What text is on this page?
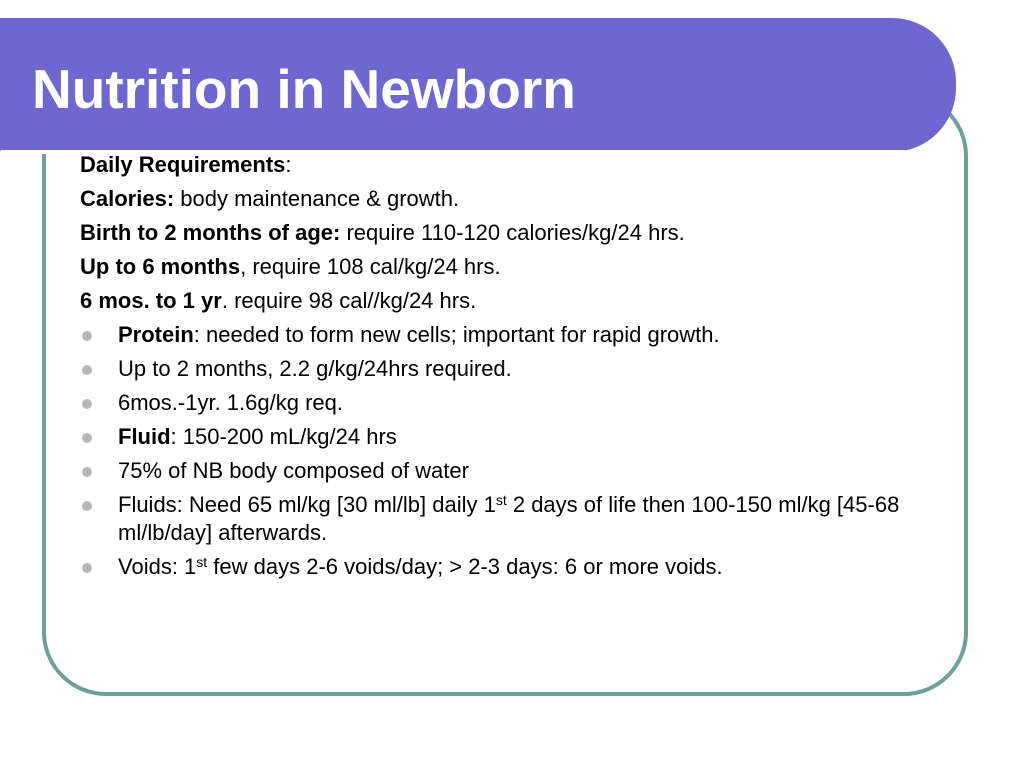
Nutrition in Newborn
Daily Requirements:
Calories: body maintenance & growth.
Birth to 2 months of age: require 110-120 calories/kg/24 hrs.
Up to 6 months, require 108 cal/kg/24 hrs.
6 mos. to 1 yr. require 98 cal//kg/24 hrs.
Protein: needed to form new cells; important for rapid growth.
Up to 2 months, 2.2 g/kg/24hrs required.
6mos.-1yr. 1.6g/kg req.
Fluid: 150-200 mL/kg/24 hrs
75% of NB body composed of water
Fluids: Need 65 ml/kg [30 ml/lb] daily 1st 2 days of life then 100-150 ml/kg [45-68 ml/lb/day] afterwards.
Voids: 1st few days 2-6 voids/day; > 2-3 days: 6 or more voids.
